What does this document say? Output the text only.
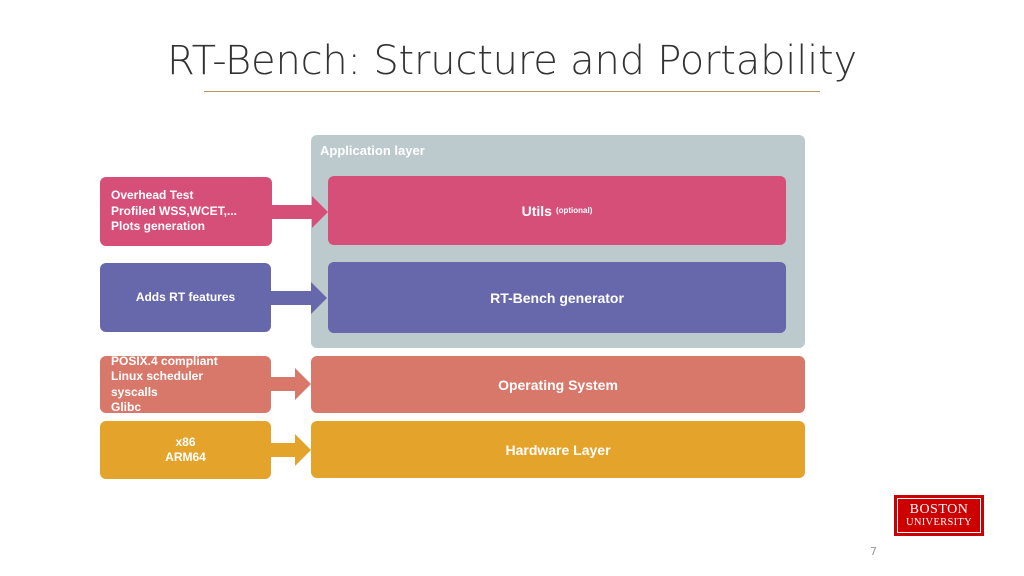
RT-Bench: Structure and Portability
Application layer
Utils (optional)
RT-Bench generator
Operating System
Hardware Layer
Overhead Test
Profiled WSS,WCET,...
Plots generation
Adds RT features
POSIX.4 compliant
Linux scheduler
syscalls
Glibc
x86
ARM64
BOSTON
UNIVERSITY
7
